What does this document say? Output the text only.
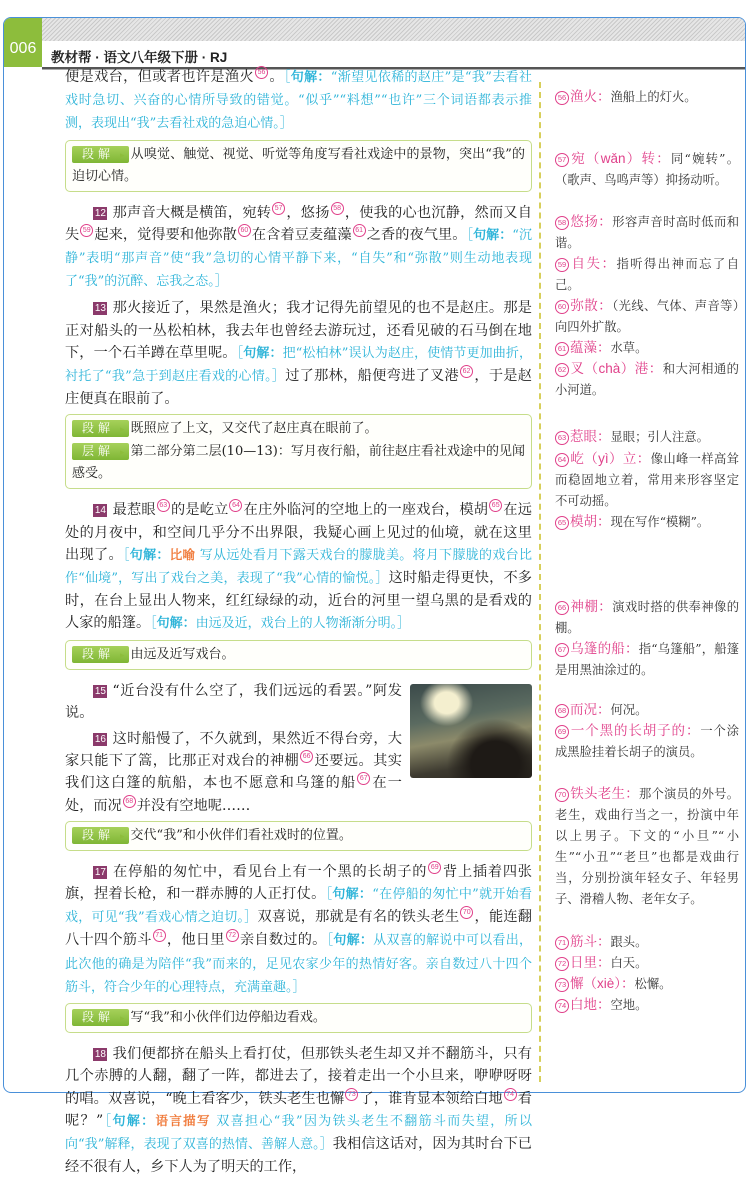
006
教材帮 · 语文八年级下册 · RJ

便是戏台，但或者也许是渔火 56 。［句解：“渐望见依稀的赵庄”是“我”去看社戏时急切、兴奋的心情所导致的错觉。“似乎”“料想”“也许”三个词语都表示推测，表现出“我”去看社戏的急迫心情。］

段解 ▸ 从嗅觉、触觉、视觉、听觉等角度写看社戏途中的景物，突出“我”的迫切心情。

12 那声音大概是横笛，宛转 57 ，悠扬 58 ，使我的心也沉静，然而又自失 59 起来，觉得要和他弥散 60 在含着豆麦蕴藻 61 之香的夜气里。［句解：“沉静”表明“那声音”使“我”急切的心情平静下来，“自失”和“弥散”则生动地表现了“我”的沉醉、忘我之态。］

13 那火接近了，果然是渔火；我才记得先前望见的也不是赵庄。那是正对船头的一丛松柏林，我去年也曾经去游玩过，还看见破的石马倒在地下，一个石羊蹲在草里呢。［句解：把“松柏林”误认为赵庄，使情节更加曲折，衬托了“我”急于到赵庄看戏的心情。］过了那林，船便弯进了叉港 62 ，于是赵庄便真在眼前了。

段解 ▸ 既照应了上文，又交代了赵庄真在眼前了。
层解 ▸ 第二部分第二层(10—13)：写月夜行船，前往赵庄看社戏途中的见闻感受。

14 最惹眼 63 的是屹立 64 在庄外临河的空地上的一座戏台，模胡 65 在远处的月夜中，和空间几乎分不出界限，我疑心画上见过的仙境，就在这里出现了。［句解：比喻 写从远处看月下露天戏台的朦胧美。将月下朦胧的戏台比作“仙境”，写出了戏台之美，表现了“我”心情的愉悦。］这时船走得更快，不多时，在台上显出人物来，红红绿绿的动，近台的河里一望乌黑的是看戏的人家的船篷。［句解：由远及近，戏台上的人物渐渐分明。］

段解 ▸ 由远及近写戏台。

15 “近台没有什么空了，我们远远的看罢。”阿发说。

16 这时船慢了，不久就到，果然近不得台旁，大家只能下了篙，比那正对戏台的神棚 66 还要远。其实我们这白篷的航船，本也不愿意和乌篷的船 67 在一处，而况 68 并没有空地呢……

段解 ▸ 交代“我”和小伙伴们看社戏时的位置。

17 在停船的匆忙中，看见台上有一个黑的长胡子的 69 背上插着四张旗，捏着长枪，和一群赤膊的人正打仗。［句解：“在停船的匆忙中”就开始看戏，可见“我”看戏心情之迫切。］双喜说，那就是有名的铁头老生 70 ，能连翻八十四个筋斗 71 ，他日里 72 亲自数过的。［句解：从双喜的解说中可以看出，此次他的确是为陪伴“我”而来的，足见农家少年的热情好客。亲自数过八十四个筋斗，符合少年的心理特点，充满童趣。］

段解 ▸ 写“我”和小伙伴们边停船边看戏。

18 我们便都挤在船头上看打仗，但那铁头老生却又并不翻筋斗，只有几个赤膊的人翻，翻了一阵，都进去了，接着走出一个小旦来，咿咿呀呀的唱。双喜说，“晚上看客少，铁头老生也懈 73 了，谁肯显本领给白地 74 看呢？”［句解：语言描写 双喜担心“我”因为铁头老生不翻筋斗而失望，所以向“我”解释，表现了双喜的热情、善解人意。］我相信这话对，因为其时台下已经不很有人，乡下人为了明天的工作，

56 渔火：渔船上的灯火。
57 宛（wǎn）转：同“婉转”。（歌声、鸟鸣声等）抑扬动听。
58 悠扬：形容声音时高时低而和谐。
59 自失：指听得出神而忘了自己。
60 弥散：（光线、气体、声音等）向四外扩散。
61 蕴藻：水草。
62 叉（chà）港：和大河相通的小河道。
63 惹眼：显眼；引人注意。
64 屹（yì）立：像山峰一样高耸而稳固地立着，常用来形容坚定不可动摇。
65 模胡：现在写作“模糊”。
66 神棚：演戏时搭的供奉神像的棚。
67 乌篷的船：指“乌篷船”，船篷是用黑油涂过的。
68 而况：何况。
69 一个黑的长胡子的：一个涂成黑脸挂着长胡子的演员。
70 铁头老生：那个演员的外号。老生，戏曲行当之一，扮演中年以上男子。下文的“小旦”“小生”“小丑”“老旦”也都是戏曲行当，分别扮演年轻女子、年轻男子、滑稽人物、老年女子。
71 筋斗：跟头。
72 日里：白天。
73 懈（xiè）：松懈。
74 白地：空地。
